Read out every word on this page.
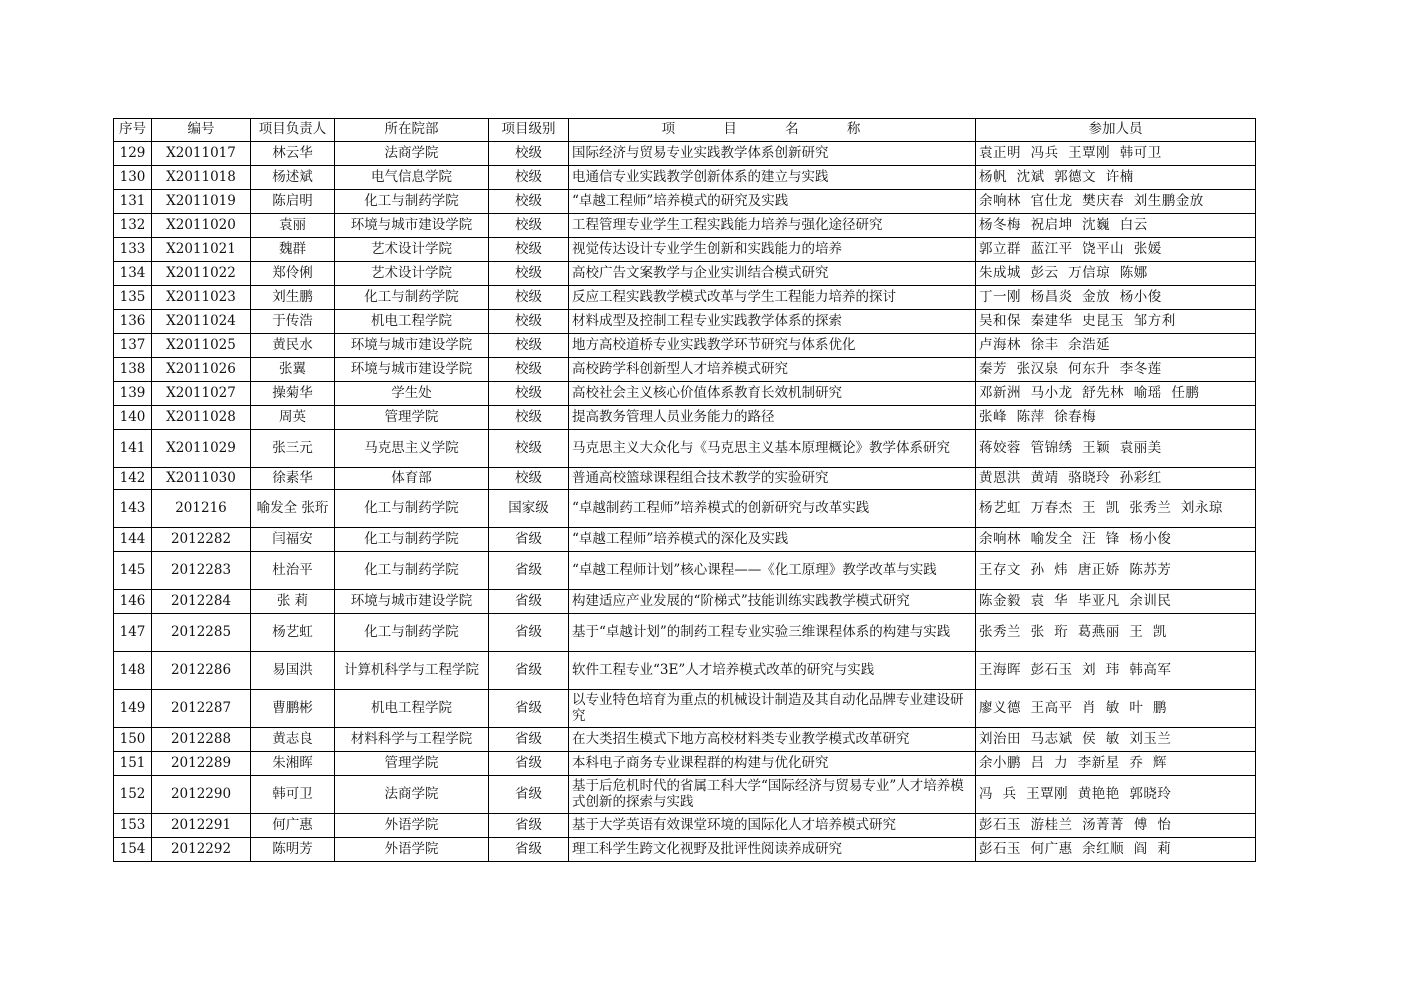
序号	编号	项目负责人	所在院部	项目级别	项 目 名 称	参加人员
129	X2011017	林云华	法商学院	校级	国际经济与贸易专业实践教学体系创新研究	袁正明  冯兵  王覃刚  韩可卫
130	X2011018	杨述斌	电气信息学院	校级	电通信专业实践教学创新体系的建立与实践	杨帆  沈斌  郭德文  许楠
131	X2011019	陈启明	化工与制药学院	校级	“卓越工程师”培养模式的研究及实践	余响林  官仕龙  樊庆春  刘生鹏金放
132	X2011020	袁丽	环境与城市建设学院	校级	工程管理专业学生工程实践能力培养与强化途径研究	杨冬梅  祝启坤  沈巍  白云
133	X2011021	魏群	艺术设计学院	校级	视觉传达设计专业学生创新和实践能力的培养	郭立群  蓝江平  饶平山  张媛
134	X2011022	郑伶俐	艺术设计学院	校级	高校广告文案教学与企业实训结合模式研究	朱成城  彭云  万信琼  陈娜
135	X2011023	刘生鹏	化工与制药学院	校级	反应工程实践教学模式改革与学生工程能力培养的探讨	丁一刚  杨昌炎  金放  杨小俊
136	X2011024	于传浩	机电工程学院	校级	材料成型及控制工程专业实践教学体系的探索	吴和保  秦建华  史昆玉  邹方利
137	X2011025	黄民水	环境与城市建设学院	校级	地方高校道桥专业实践教学环节研究与体系优化	卢海林  徐丰  余浩延
138	X2011026	张翼	环境与城市建设学院	校级	高校跨学科创新型人才培养模式研究	秦芳  张汉泉  何东升  李冬莲
139	X2011027	操菊华	学生处	校级	高校社会主义核心价值体系教育长效机制研究	邓新洲  马小龙  舒先林  喻瑶  任鹏
140	X2011028	周英	管理学院	校级	提高教务管理人员业务能力的路径	张峰  陈萍  徐春梅
141	X2011029	张三元	马克思主义学院	校级	马克思主义大众化与《马克思主义基本原理概论》教学体系研究	蒋姣蓉  管锦绣  王颖  袁丽美
142	X2011030	徐素华	体育部	校级	普通高校篮球课程组合技术教学的实验研究	黄恩洪  黄靖  骆晓玲  孙彩红
143	201216	喻发全 张珩	化工与制药学院	国家级	“卓越制药工程师”培养模式的创新研究与改革实践	杨艺虹  万春杰  王  凯  张秀兰  刘永琼
144	2012282	闫福安	化工与制药学院	省级	“卓越工程师”培养模式的深化及实践	余响林  喻发全  汪  锋  杨小俊
145	2012283	杜治平	化工与制药学院	省级	“卓越工程师计划”核心课程——《化工原理》教学改革与实践	王存文  孙  炜  唐正娇  陈苏芳
146	2012284	张 莉	环境与城市建设学院	省级	构建适应产业发展的“阶梯式”技能训练实践教学模式研究	陈金毅  袁  华  毕亚凡  余训民
147	2012285	杨艺虹	化工与制药学院	省级	基于“卓越计划”的制药工程专业实验三维课程体系的构建与实践	张秀兰  张  珩  葛燕丽  王  凯
148	2012286	易国洪	计算机科学与工程学院	省级	软件工程专业“3E”人才培养模式改革的研究与实践	王海晖  彭石玉  刘  玮  韩高军
149	2012287	曹鹏彬	机电工程学院	省级	以专业特色培育为重点的机械设计制造及其自动化品牌专业建设研究	廖义德  王高平  肖  敏  叶  鹏
150	2012288	黄志良	材料科学与工程学院	省级	在大类招生模式下地方高校材料类专业教学模式改革研究	刘治田  马志斌  侯  敏  刘玉兰
151	2012289	朱湘晖	管理学院	省级	本科电子商务专业课程群的构建与优化研究	余小鹏  吕  力  李新星  乔  辉
152	2012290	韩可卫	法商学院	省级	基于后危机时代的省属工科大学“国际经济与贸易专业”人才培养模式创新的探索与实践	冯  兵  王覃刚  黄艳艳  郭晓玲
153	2012291	何广惠	外语学院	省级	基于大学英语有效课堂环境的国际化人才培养模式研究	彭石玉  游桂兰  汤菁菁  傅  怡
154	2012292	陈明芳	外语学院	省级	理工科学生跨文化视野及批评性阅读养成研究	彭石玉  何广惠  余红顺  阎  莉
